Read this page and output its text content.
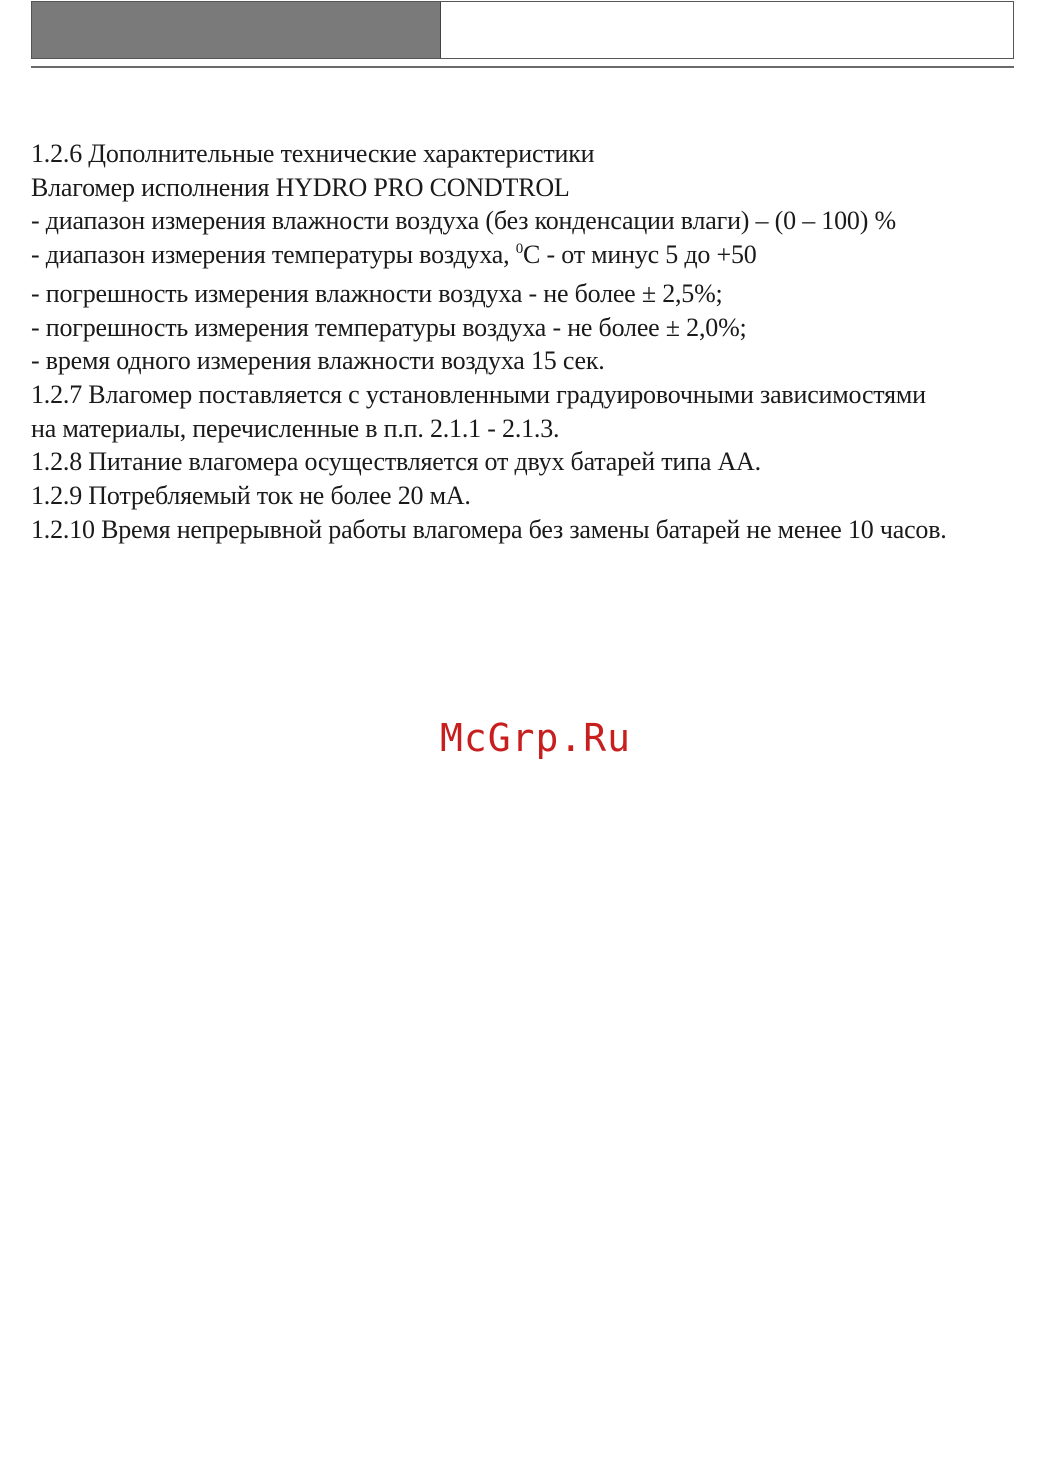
1.2.6 Дополнительные технические характеристики
Влагомер исполнения HYDRO PRO CONDTROL
- диапазон измерения влажности воздуха (без конденсации влаги) – (0 – 100) %
- диапазон измерения температуры воздуха, $^0$С - от минус 5 до +50
- погрешность измерения влажности воздуха - не более ± 2,5%;
- погрешность измерения температуры воздуха - не более ± 2,0%;
- время одного измерения влажности воздуха 15 сек.
1.2.7 Влагомер поставляется с установленными градуировочными зависимостями
на материалы, перечисленные в п.п. 2.1.1 - 2.1.3.
1.2.8 Питание влагомера осуществляется от двух батарей типа АА.
1.2.9 Потребляемый ток не более 20 мА.
1.2.10 Время непрерывной работы влагомера без замены батарей не менее 10 часов.
McGrp.Ru
